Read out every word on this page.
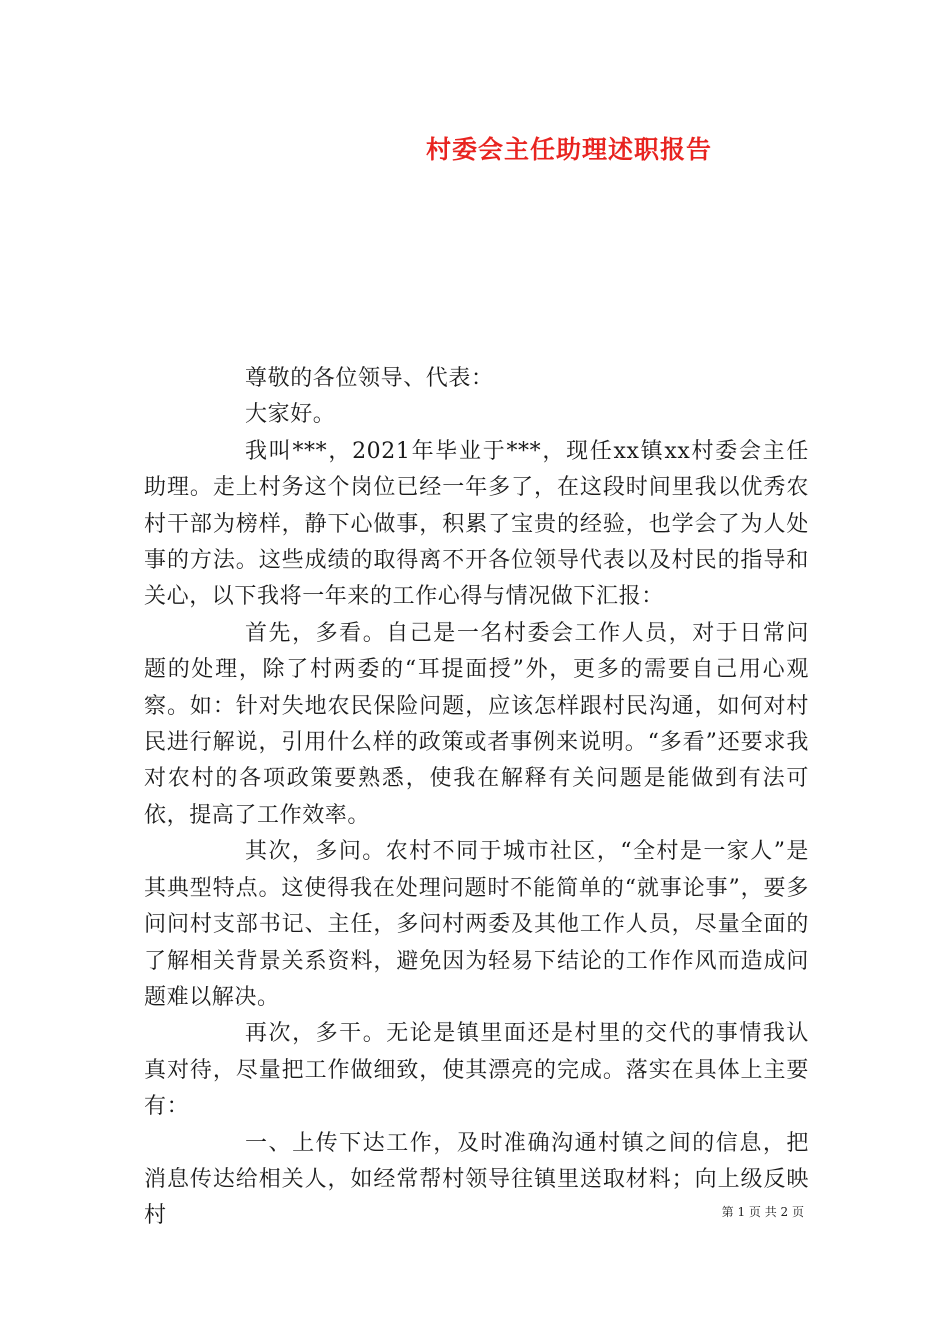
村委会主任助理述职报告

尊敬的各位领导、代表：

大家好。

我叫***，2021年毕业于***，现任xx镇xx村委会主任助理。走上村务这个岗位已经一年多了，在这段时间里我以优秀农村干部为榜样，静下心做事，积累了宝贵的经验，也学会了为人处事的方法。这些成绩的取得离不开各位领导代表以及村民的指导和关心，以下我将一年来的工作心得与情况做下汇报：

首先，多看。自己是一名村委会工作人员，对于日常问题的处理，除了村两委的“耳提面授”外，更多的需要自己用心观察。如：针对失地农民保险问题，应该怎样跟村民沟通，如何对村民进行解说，引用什么样的政策或者事例来说明。“多看”还要求我对农村的各项政策要熟悉，使我在解释有关问题是能做到有法可依，提高了工作效率。

其次，多问。农村不同于城市社区，“全村是一家人”是其典型特点。这使得我在处理问题时不能简单的“就事论事”，要多问问村支部书记、主任，多问村两委及其他工作人员，尽量全面的了解相关背景关系资料，避免因为轻易下结论的工作作风而造成问题难以解决。

再次，多干。无论是镇里面还是村里的交代的事情我认真对待，尽量把工作做细致，使其漂亮的完成。落实在具体上主要有：

一、上传下达工作，及时准确沟通村镇之间的信息，把消息传达给相关人，如经常帮村领导往镇里送取材料；向上级反映村	第 1 页 共 2 页
